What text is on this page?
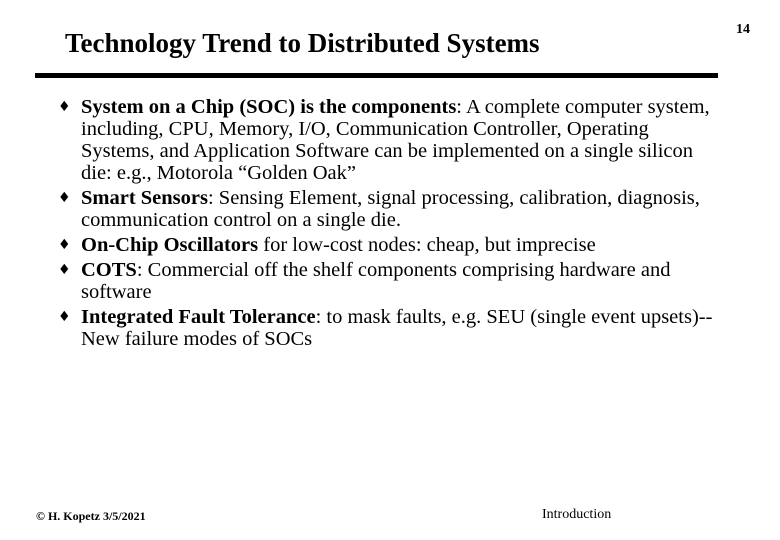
Technology Trend to Distributed Systems	14
♦ System on a Chip (SOC) is the components: A complete computer system, including, CPU, Memory, I/O, Communication Controller, Operating Systems, and Application Software can be implemented on a single silicon die: e.g., Motorola “Golden Oak”
♦ Smart Sensors: Sensing Element, signal processing, calibration, diagnosis, communication control on a single die.
♦ On-Chip Oscillators for low-cost nodes: cheap, but imprecise
♦ COTS: Commercial off the shelf components comprising hardware and software
♦ Integrated Fault Tolerance: to mask faults, e.g. SEU (single event upsets)--New failure modes of SOCs
© H. Kopetz 3/5/2021	Introduction
